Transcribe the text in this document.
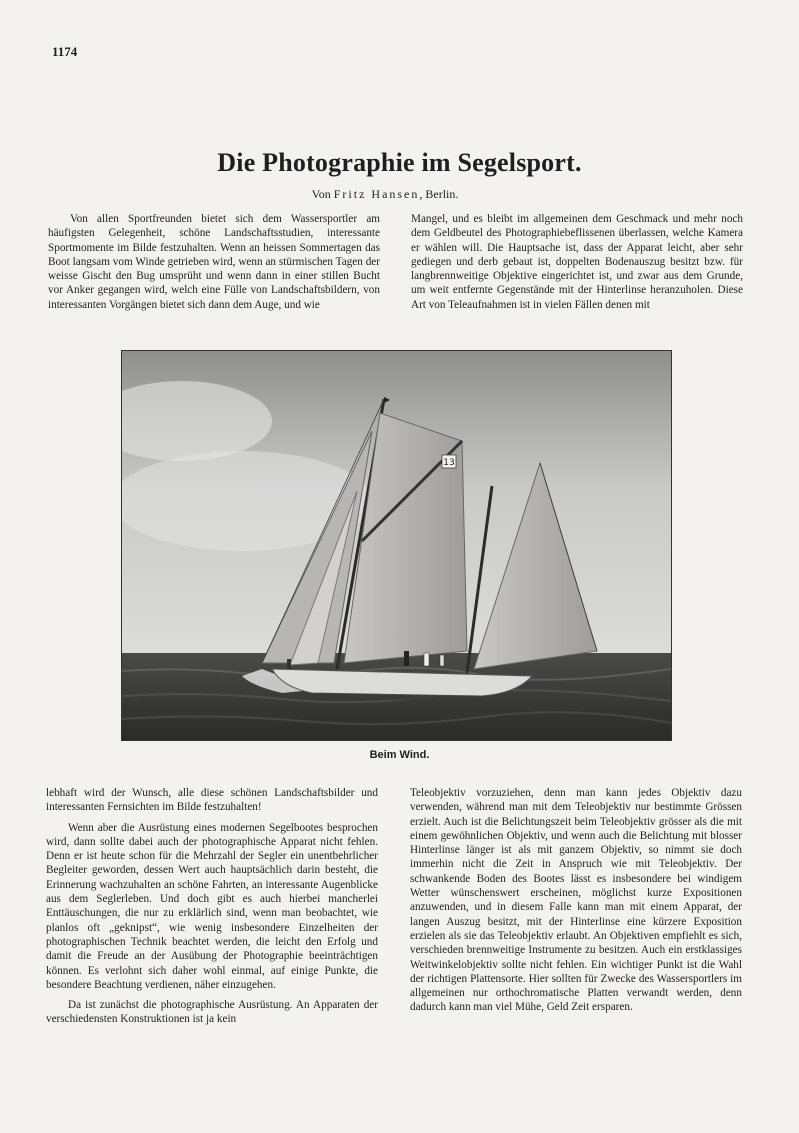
1174
Die Photographie im Segelsport.
Von Fritz Hansen, Berlin.

Von allen Sportfreunden bietet sich dem Wassersportler am häufigsten Gelegenheit, schöne Landschaftsstudien, interessante Sportmomente im Bilde festzuhalten. Wenn an heissen Sommertagen das Boot langsam vom Winde getrieben wird, wenn an stürmischen Tagen der weisse Gischt den Bug umsprüht und wenn dann in einer stillen Bucht vor Anker gegangen wird, welch eine Fülle von Landschaftsbildern, von interessanten Vorgängen bietet sich dann dem Auge, und wie

Mangel, und es bleibt im allgemeinen dem Geschmack und mehr noch dem Geldbeutel des Photographiebeflissenen überlassen, welche Kamera er wählen will. Die Hauptsache ist, dass der Apparat leicht, aber sehr gediegen und derb gebaut ist, doppelten Bodenauszug besitzt bzw. für langbrennweitige Objektive eingerichtet ist, und zwar aus dem Grunde, um weit entfernte Gegenstände mit der Hinterlinse heranzuholen. Diese Art von Teleaufnahmen ist in vielen Fällen denen mit

13
Beim Wind.

lebhaft wird der Wunsch, alle diese schönen Landschaftsbilder und interessanten Fernsichten im Bilde festzuhalten!

Wenn aber die Ausrüstung eines modernen Segelbootes besprochen wird, dann sollte dabei auch der photographische Apparat nicht fehlen. Denn er ist heute schon für die Mehrzahl der Segler ein unentbehrlicher Begleiter geworden, dessen Wert auch hauptsächlich darin besteht, die Erinnerung wachzuhalten an schöne Fahrten, an interessante Augenblicke aus dem Seglerleben. Und doch gibt es auch hierbei mancherlei Enttäuschungen, die nur zu erklärlich sind, wenn man beobachtet, wie planlos oft „geknipst“, wie wenig insbesondere Einzelheiten der photographischen Technik beachtet werden, die leicht den Erfolg und damit die Freude an der Ausübung der Photographie beeinträchtigen können. Es verlohnt sich daher wohl einmal, auf einige Punkte, die besondere Beachtung verdienen, näher einzugehen.

Da ist zunächst die photographische Ausrüstung. An Apparaten der verschiedensten Konstruktionen ist ja kein

Teleobjektiv vorzuziehen, denn man kann jedes Objektiv dazu verwenden, während man mit dem Teleobjektiv nur bestimmte Grössen erzielt. Auch ist die Belichtungszeit beim Teleobjektiv grösser als die mit einem gewöhnlichen Objektiv, und wenn auch die Belichtung mit blosser Hinterlinse länger ist als mit ganzem Objektiv, so nimmt sie doch immerhin nicht die Zeit in Anspruch wie mit Teleobjektiv. Der schwankende Boden des Bootes lässt es insbesondere bei windigem Wetter wünschenswert erscheinen, möglichst kurze Expositionen anzuwenden, und in diesem Falle kann man mit einem Apparat, der langen Auszug besitzt, mit der Hinterlinse eine kürzere Exposition erzielen als sie das Teleobjektiv erlaubt. An Objektiven empfiehlt es sich, verschieden brennweitige Instrumente zu besitzen. Auch ein erstklassiges Weitwinkelobjektiv sollte nicht fehlen. Ein wichtiger Punkt ist die Wahl der richtigen Plattensorte. Hier sollten für Zwecke des Wassersportlers im allgemeinen nur orthochromatische Platten verwandt werden, denn dadurch kann man viel Mühe, Geld Zeit ersparen.
